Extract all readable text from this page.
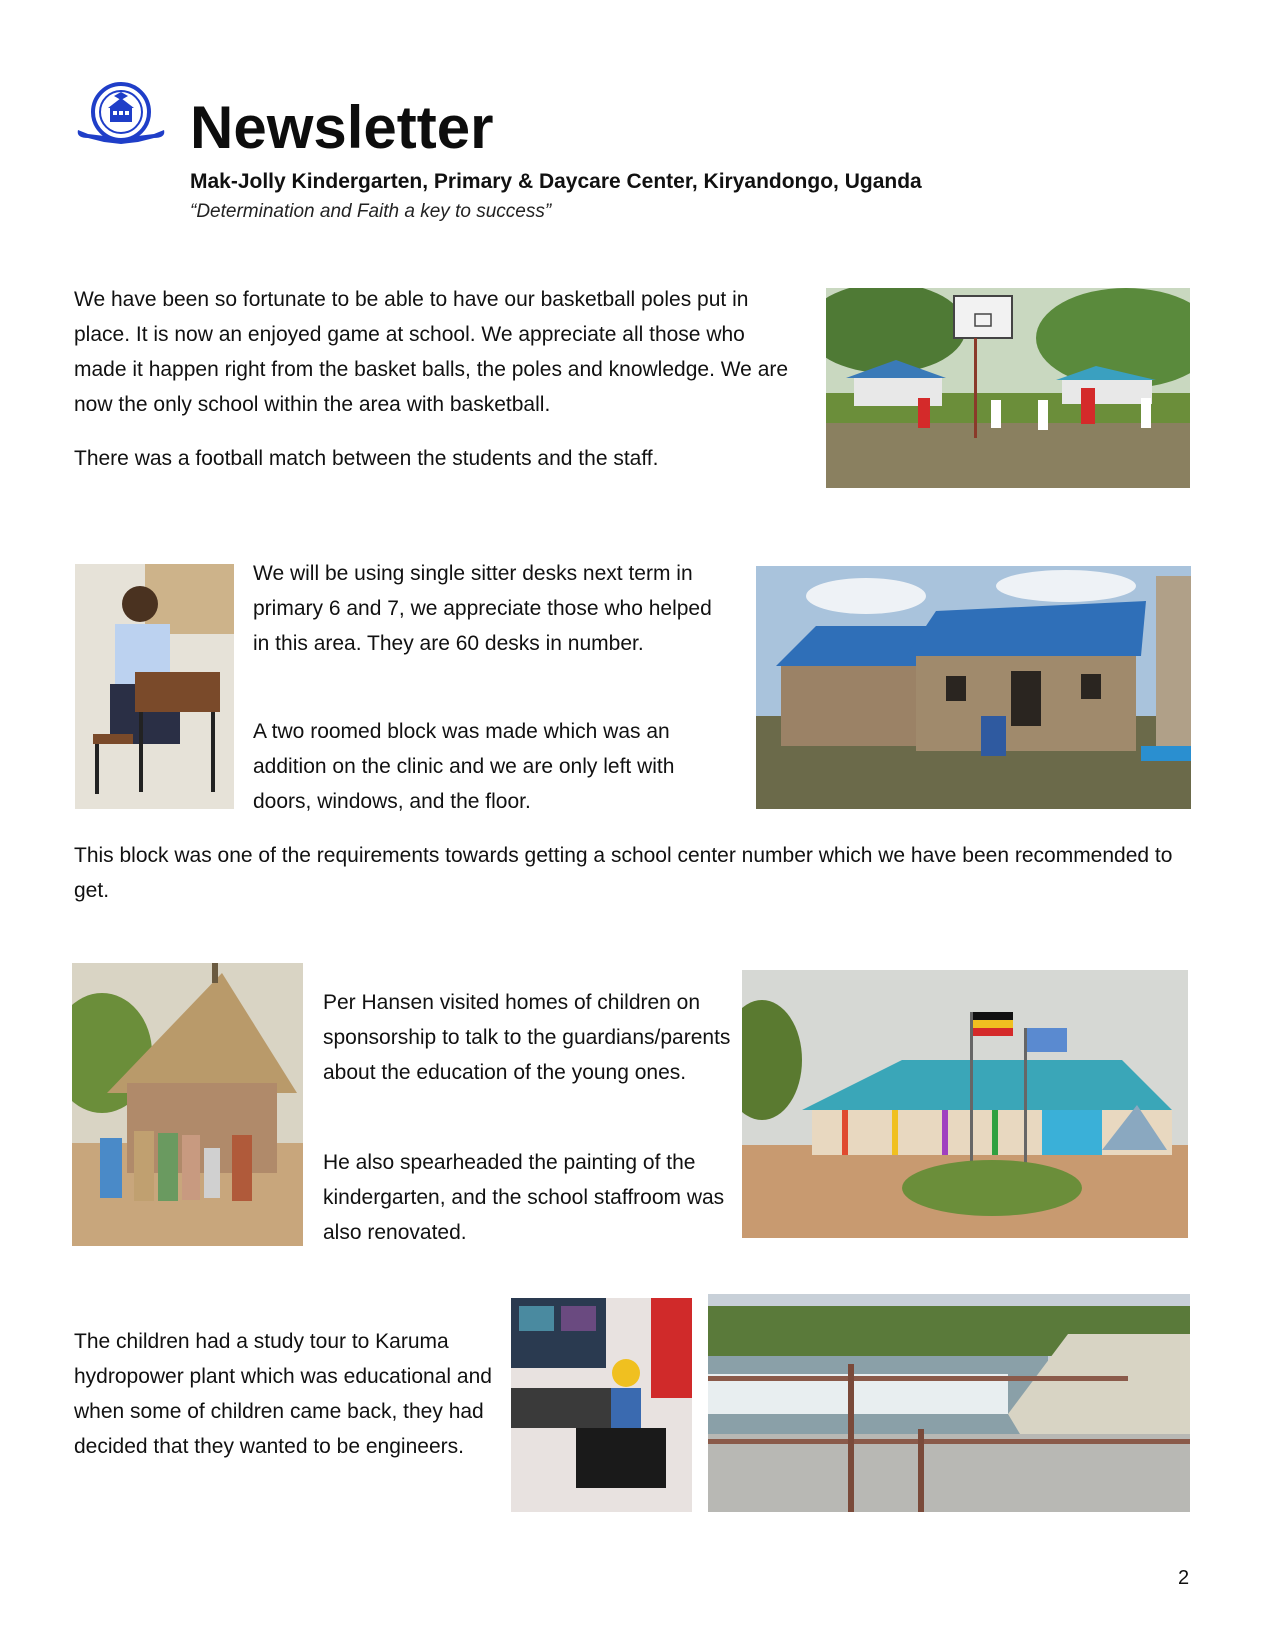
Newsletter
Mak-Jolly Kindergarten, Primary & Daycare Center, Kiryandongo, Uganda
“Determination and Faith a key to success”

We have been so fortunate to be able to have our basketball poles put in place. It is now an enjoyed game at school. We appreciate all those who made it happen right from the basket balls, the poles and knowledge. We are now the only school within the area with basketball.

There was a football match between the students and the staff.

We will be using single sitter desks next term in primary 6 and 7, we appreciate those who helped in this area. They are 60 desks in number.

A two roomed block was made which was an addition on the clinic and we are only left with doors, windows, and the floor.

This block was one of the requirements towards getting a school center number which we have been recommended to get.

Per Hansen visited homes of children on sponsorship to talk to the guardians/parents about the education of the young ones.

He also spearheaded the painting of the kindergarten, and the school staffroom was also renovated.

The children had a study tour to Karuma hydropower plant which was educational and when some of children came back, they had decided that they wanted to be engineers.

2
